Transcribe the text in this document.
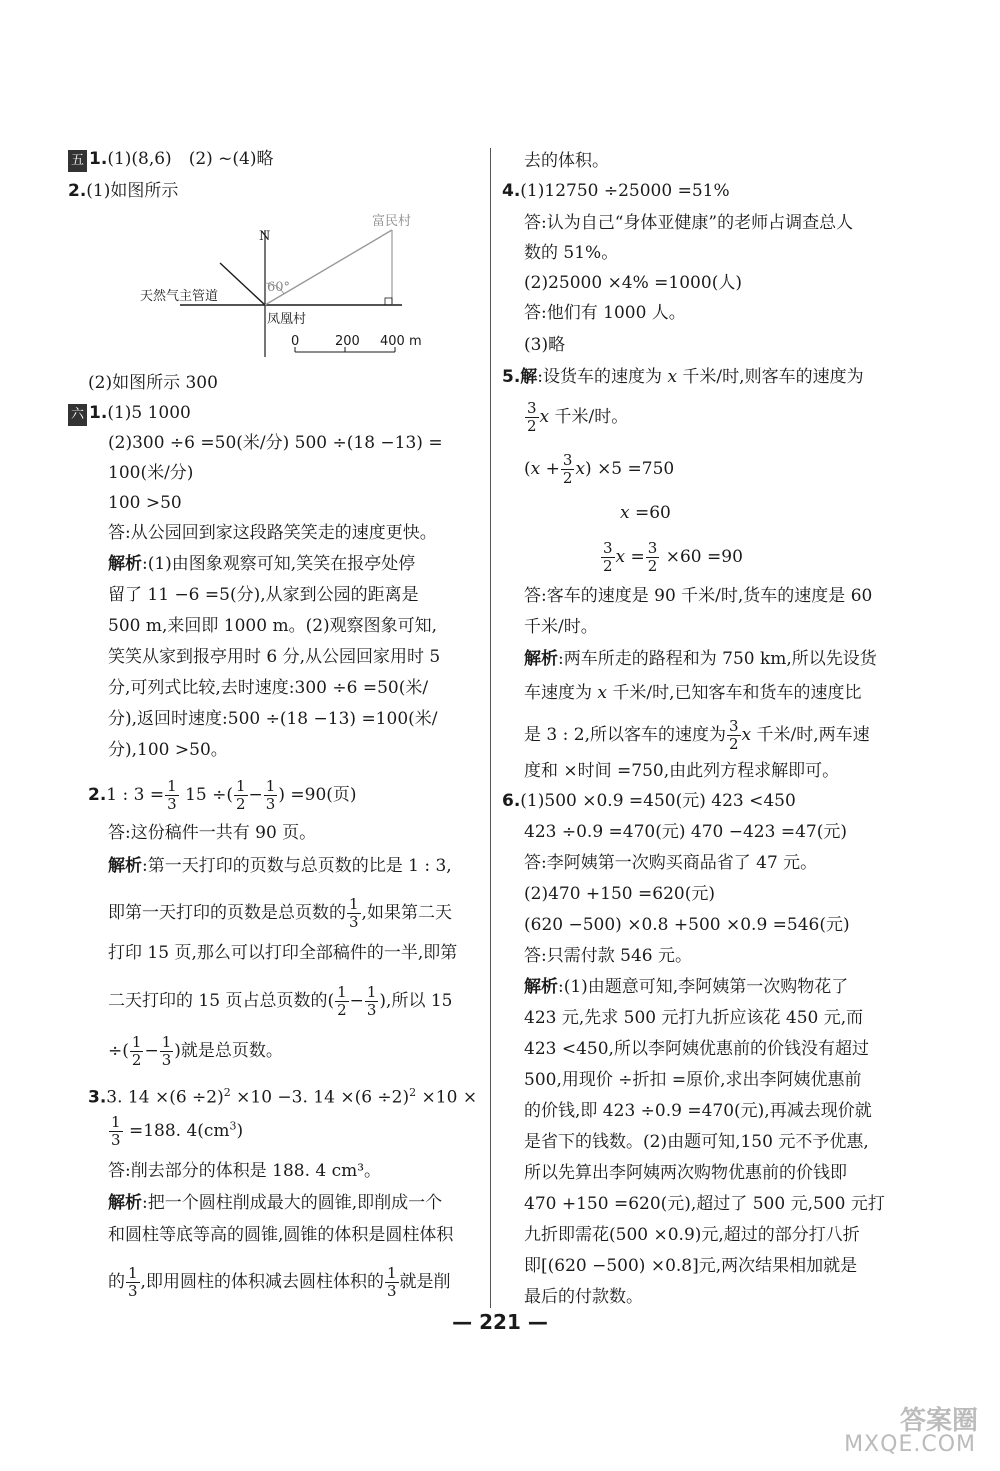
五 1.(1)(8,6)　(2) ~(4)略
2.(1)如图所示
N
60°
富民村
天然气主管道
凤凰村
0	200 400 m
(2)如图所示 300
六 1.(1)5 1000
(2)300 ÷6 =50(米/分) 500 ÷(18 −13) =
100(米/分)
100 >50
答:从公园回到家这段路笑笑走的速度更快。
解析:(1)由图象观察可知,笑笑在报亭处停
留了 11 −6 =5(分),从家到公园的距离是
500 m,来回即 1000 m。(2)观察图象可知,
笑笑从家到报亭用时 6 分,从公园回家用时 5
分,可列式比较,去时速度:300 ÷6 =50(米/
分),返回时速度:500 ÷(18 −13) =100(米/
分),100 >50。
2.1 : $3 = \frac{1}{3} 15$ ÷( $\frac{1}{2} - \frac{1}{3}$ ) =90(页)
答:这份稿件一共有 90 页。
解析:第一天打印的页数与总页数的比是 1 : 3,
即第一天打印的页数是总页数的 $\frac{1}{3}$ ,如果第二天
打印 15 页,那么可以打印全部稿件的一半,即第
二天打印的 15 页占总页数的( $\frac{1}{2} - \frac{1}{3}$ ),所以 15
÷( $\frac{1}{2} - \frac{1}{3}$ )就是总页数。
3.3. $14 \times(6 \div 2)^2 \times 10 -3$. $14 \times(6 \div 2)^2 \times 10$ ×
$\frac{1}{3} =188$. $4(cm^3)$
答:削去部分的体积是 188. 4 cm³。
解析:把一个圆柱削成最大的圆锥,即削成一个
和圆柱等底等高的圆锥,圆锥的体积是圆柱体积
的 $\frac{1}{3}$ ,即用圆柱的体积减去圆柱体积的 $\frac{1}{3}$ 就是削
去的体积。
4.(1)12750 ÷25000 =51%
答:认为自己“身体亚健康”的老师占调查总人
数的 51%。
(2)25000 ×4% =1000(人)
答:他们有 1000 人。
(3)略
5.解:设货车的速度为 x 千米/时,则客车的速度为
$\frac{3}{2}$ x 千米/时。
$(x + \frac{3}{2} x) \times 5 =750$
x =60
$\frac{3}{2}$ $x = \frac{3}{2} \times 60 =90$
答:客车的速度是 90 千米/时,货车的速度是 60
千米/时。
解析:两车所走的路程和为 750 km,所以先设货
车速度为 x 千米/时,已知客车和货车的速度比
是 3 : 2,所以客车的速度为 $\frac{3}{2}$ x 千米/时,两车速
度和 ×时间 =750,由此列方程求解即可。
6.(1)500 ×0.9 =450(元) 423 <450
423 ÷0.9 =470(元) 470 −423 =47(元)
答:李阿姨第一次购买商品省了 47 元。
(2)470 +150 =620(元)
(620 −500) ×0.8 +500 ×0.9 =546(元)
答:只需付款 546 元。
解析:(1)由题意可知,李阿姨第一次购物花了
423 元,先求 500 元打九折应该花 450 元,而
423 <450,所以李阿姨优惠前的价钱没有超过
500,用现价 ÷折扣 =原价,求出李阿姨优惠前
的价钱,即 423 ÷0.9 =470(元),再减去现价就
是省下的钱数。(2)由题可知,150 元不予优惠,
所以先算出李阿姨两次购物优惠前的价钱即
470 +150 =620(元),超过了 500 元,500 元打
九折即需花(500 ×0.9)元,超过的部分打八折
即[(620 −500) ×0.8]元,两次结果相加就是
最后的付款数。
— 221 —
答案圈
MXQE.COM
